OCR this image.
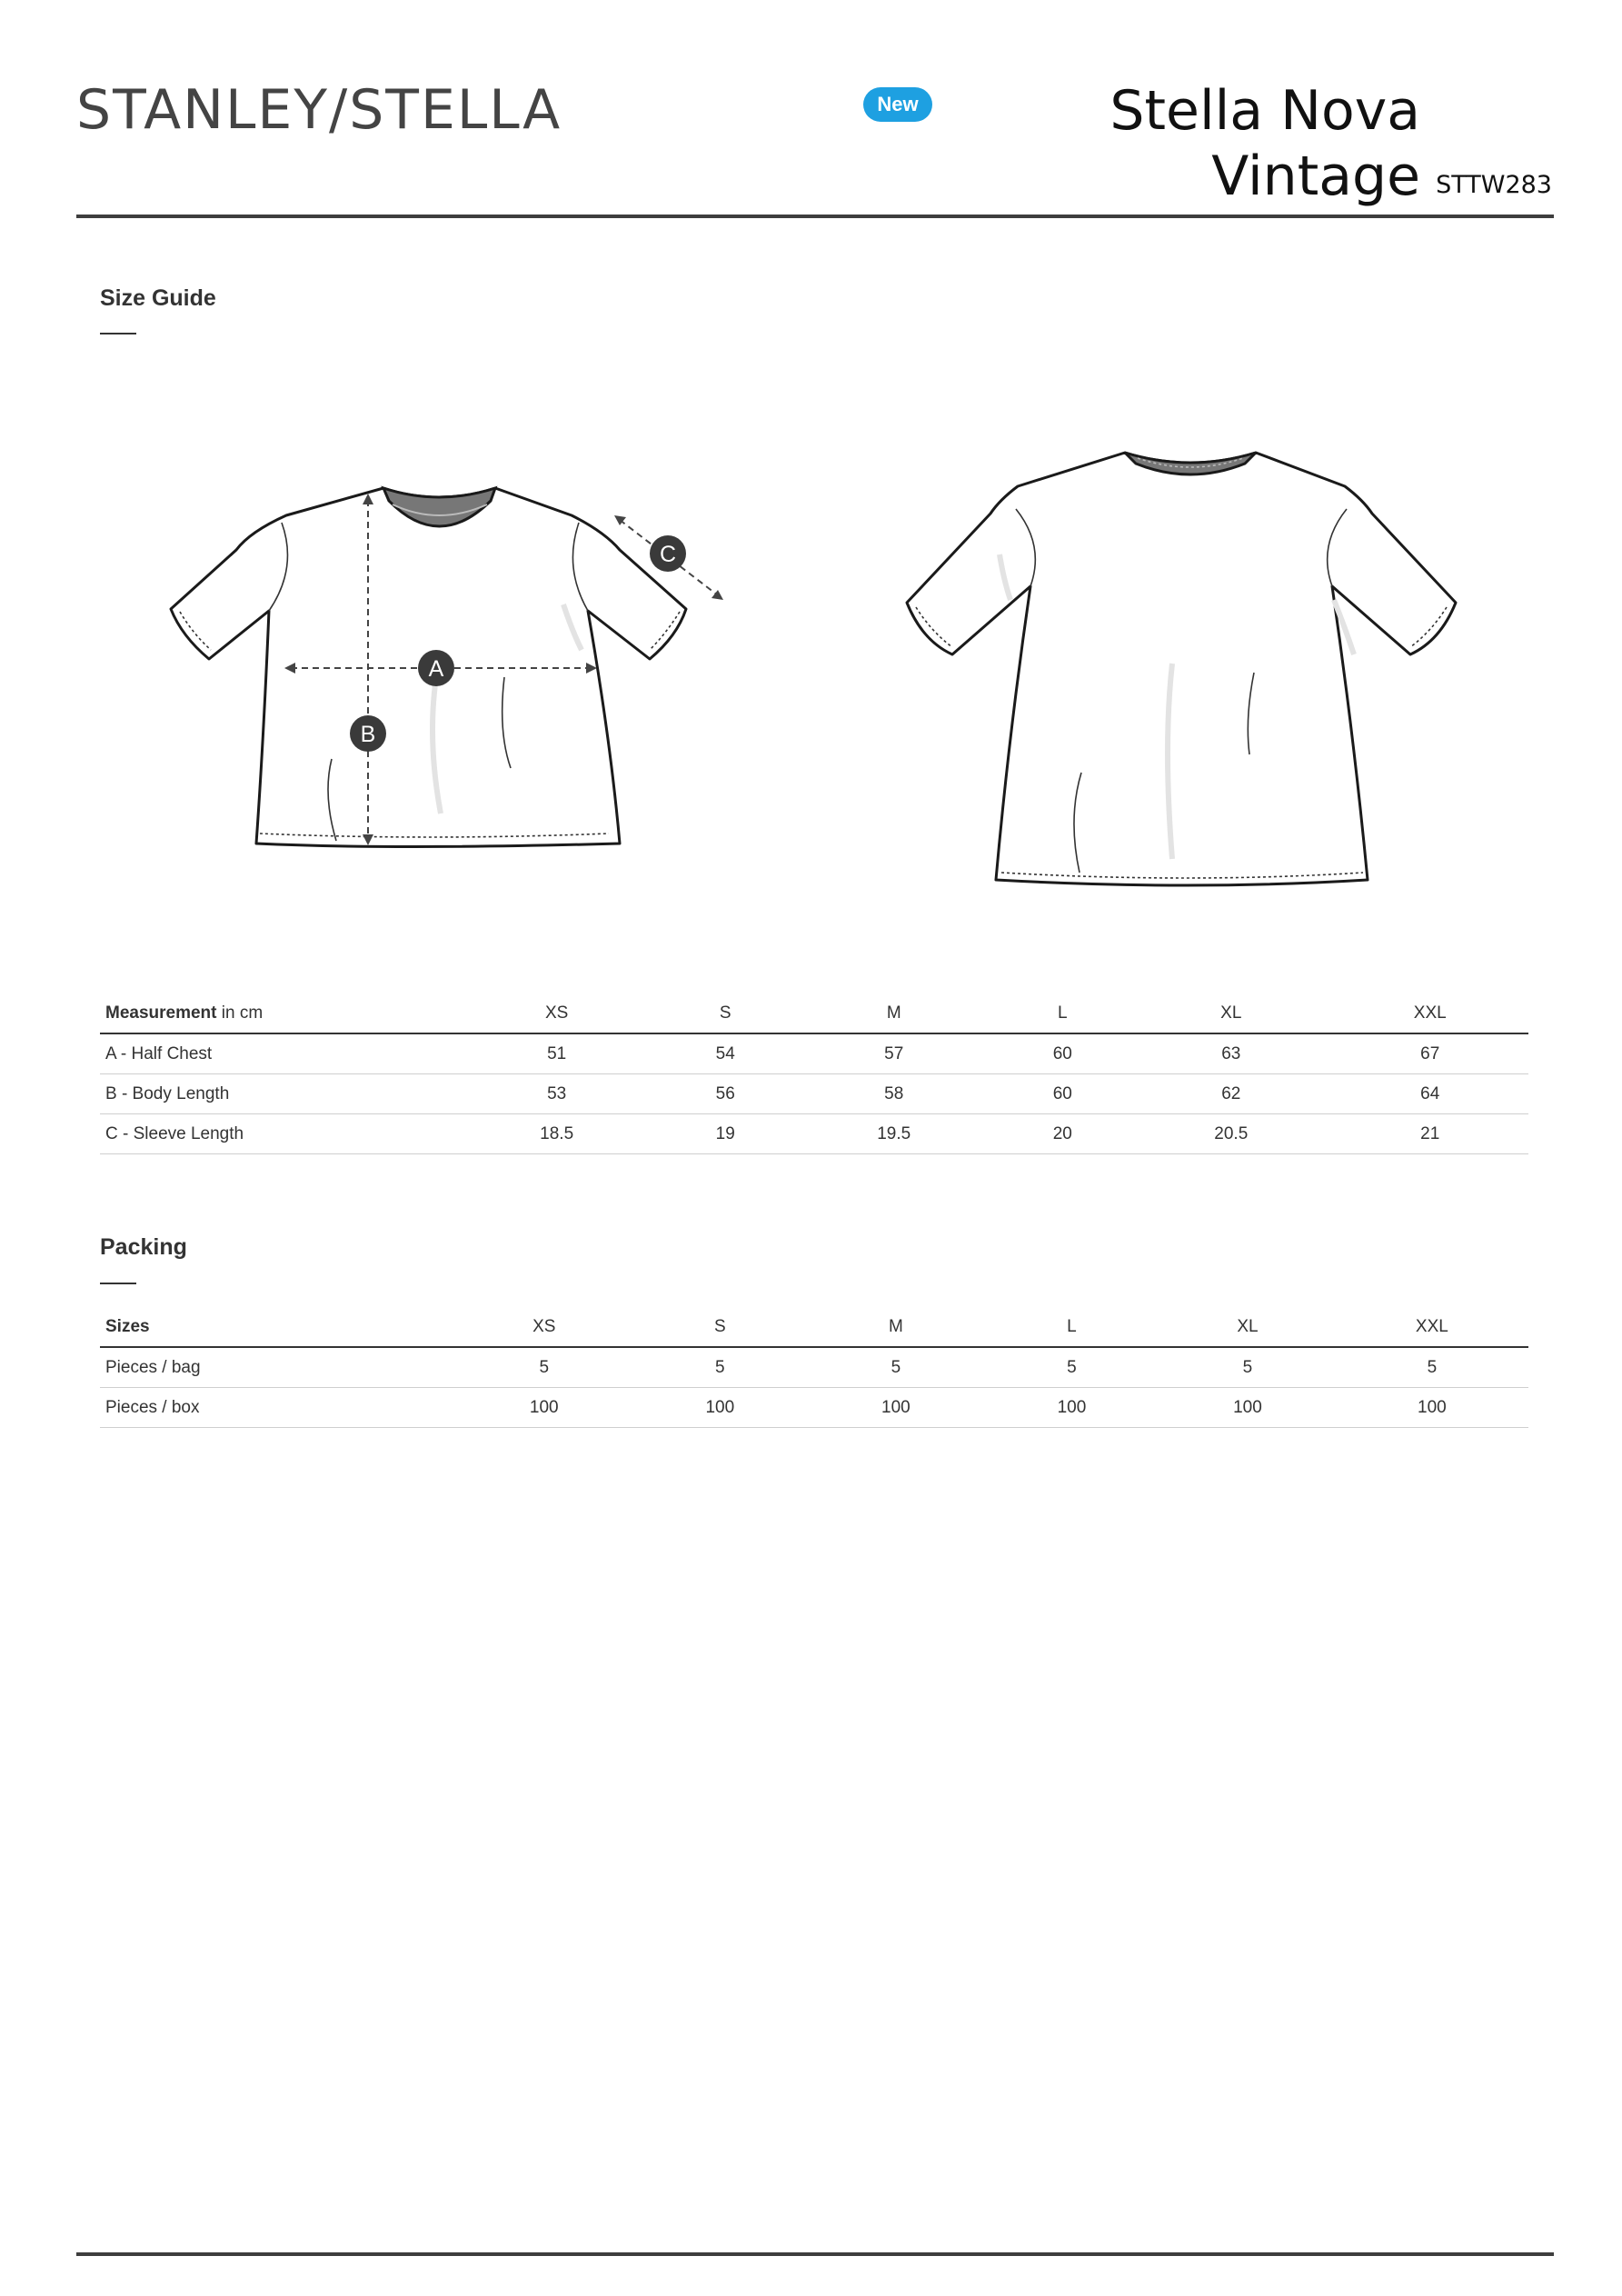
STANLEY/STELLA	New	Stella Nova
Vintage STTW283
Size Guide
A
B
C
Measurement in cm	XS	S	M	L	XL	XXL
A - Half Chest	51	54	57	60	63	67
B - Body Length	53	56	58	60	62	64
C - Sleeve Length	18.5	19	19.5	20	20.5	21
Packing
Sizes	XS	S	M	L	XL	XXL
Pieces / bag	5	5	5	5	5	5
Pieces / box	100	100	100	100	100	100
